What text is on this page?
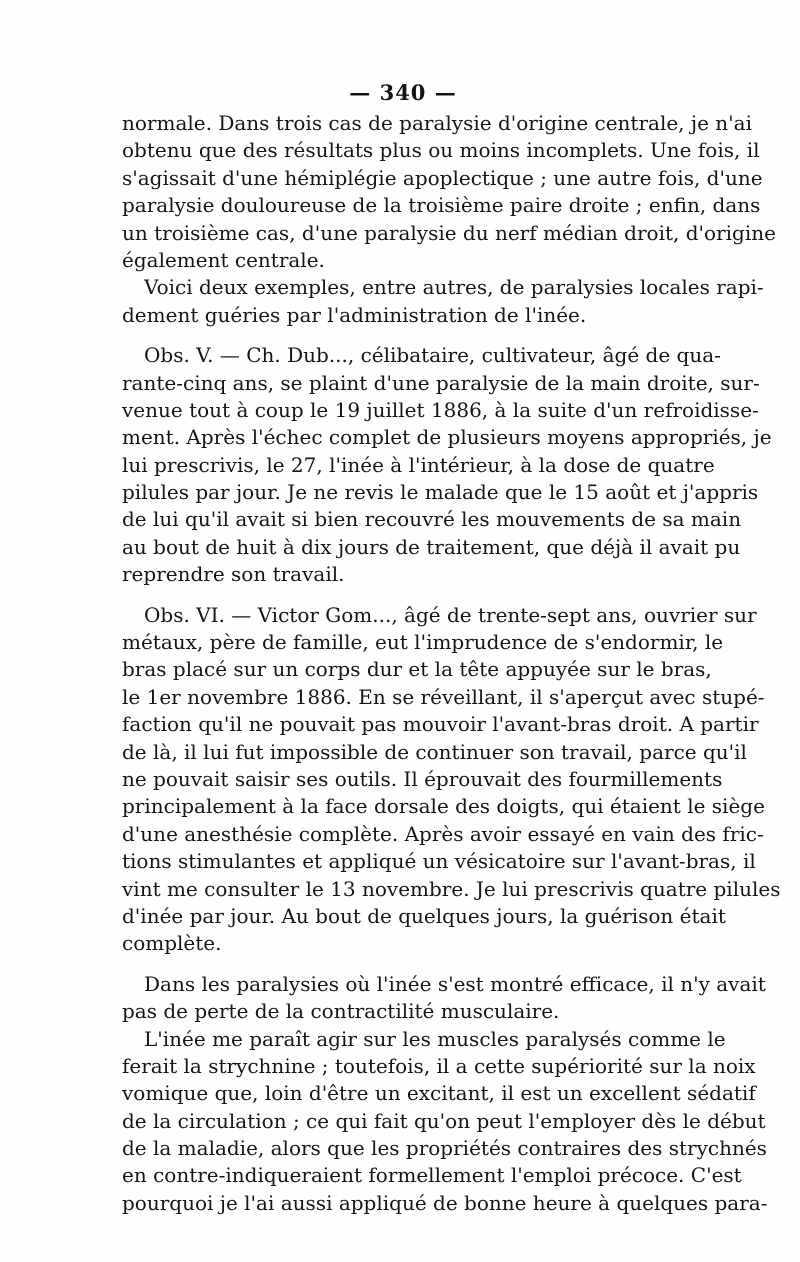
— 340 —
normale. Dans trois cas de paralysie d'origine centrale, je n'ai
obtenu que des résultats plus ou moins incomplets. Une fois, il
s'agissait d'une hémiplégie apoplectique ; une autre fois, d'une
paralysie douloureuse de la troisième paire droite ; enfin, dans
un troisième cas, d'une paralysie du nerf médian droit, d'origine
également centrale.
Voici deux exemples, entre autres, de paralysies locales rapi-
dement guéries par l'administration de l'inée.
Obs. V. — Ch. Dub..., célibataire, cultivateur, âgé de qua-
rante-cinq ans, se plaint d'une paralysie de la main droite, sur-
venue tout à coup le 19 juillet 1886, à la suite d'un refroidisse-
ment. Après l'échec complet de plusieurs moyens appropriés, je
lui prescrivis, le 27, l'inée à l'intérieur, à la dose de quatre
pilules par jour. Je ne revis le malade que le 15 août et j'appris
de lui qu'il avait si bien recouvré les mouvements de sa main
au bout de huit à dix jours de traitement, que déjà il avait pu
reprendre son travail.
Obs. VI. — Victor Gom..., âgé de trente-sept ans, ouvrier sur
métaux, père de famille, eut l'imprudence de s'endormir, le
bras placé sur un corps dur et la tête appuyée sur le bras,
le 1er novembre 1886. En se réveillant, il s'aperçut avec stupé-
faction qu'il ne pouvait pas mouvoir l'avant-bras droit. A partir
de là, il lui fut impossible de continuer son travail, parce qu'il
ne pouvait saisir ses outils. Il éprouvait des fourmillements
principalement à la face dorsale des doigts, qui étaient le siège
d'une anesthésie complète. Après avoir essayé en vain des fric-
tions stimulantes et appliqué un vésicatoire sur l'avant-bras, il
vint me consulter le 13 novembre. Je lui prescrivis quatre pilules
d'inée par jour. Au bout de quelques jours, la guérison était
complète.
Dans les paralysies où l'inée s'est montré efficace, il n'y avait
pas de perte de la contractilité musculaire.
L'inée me paraît agir sur les muscles paralysés comme le
ferait la strychnine ; toutefois, il a cette supériorité sur la noix
vomique que, loin d'être un excitant, il est un excellent sédatif
de la circulation ; ce qui fait qu'on peut l'employer dès le début
de la maladie, alors que les propriétés contraires des strychnés
en contre-indiqueraient formellement l'emploi précoce. C'est
pourquoi je l'ai aussi appliqué de bonne heure à quelques para-
